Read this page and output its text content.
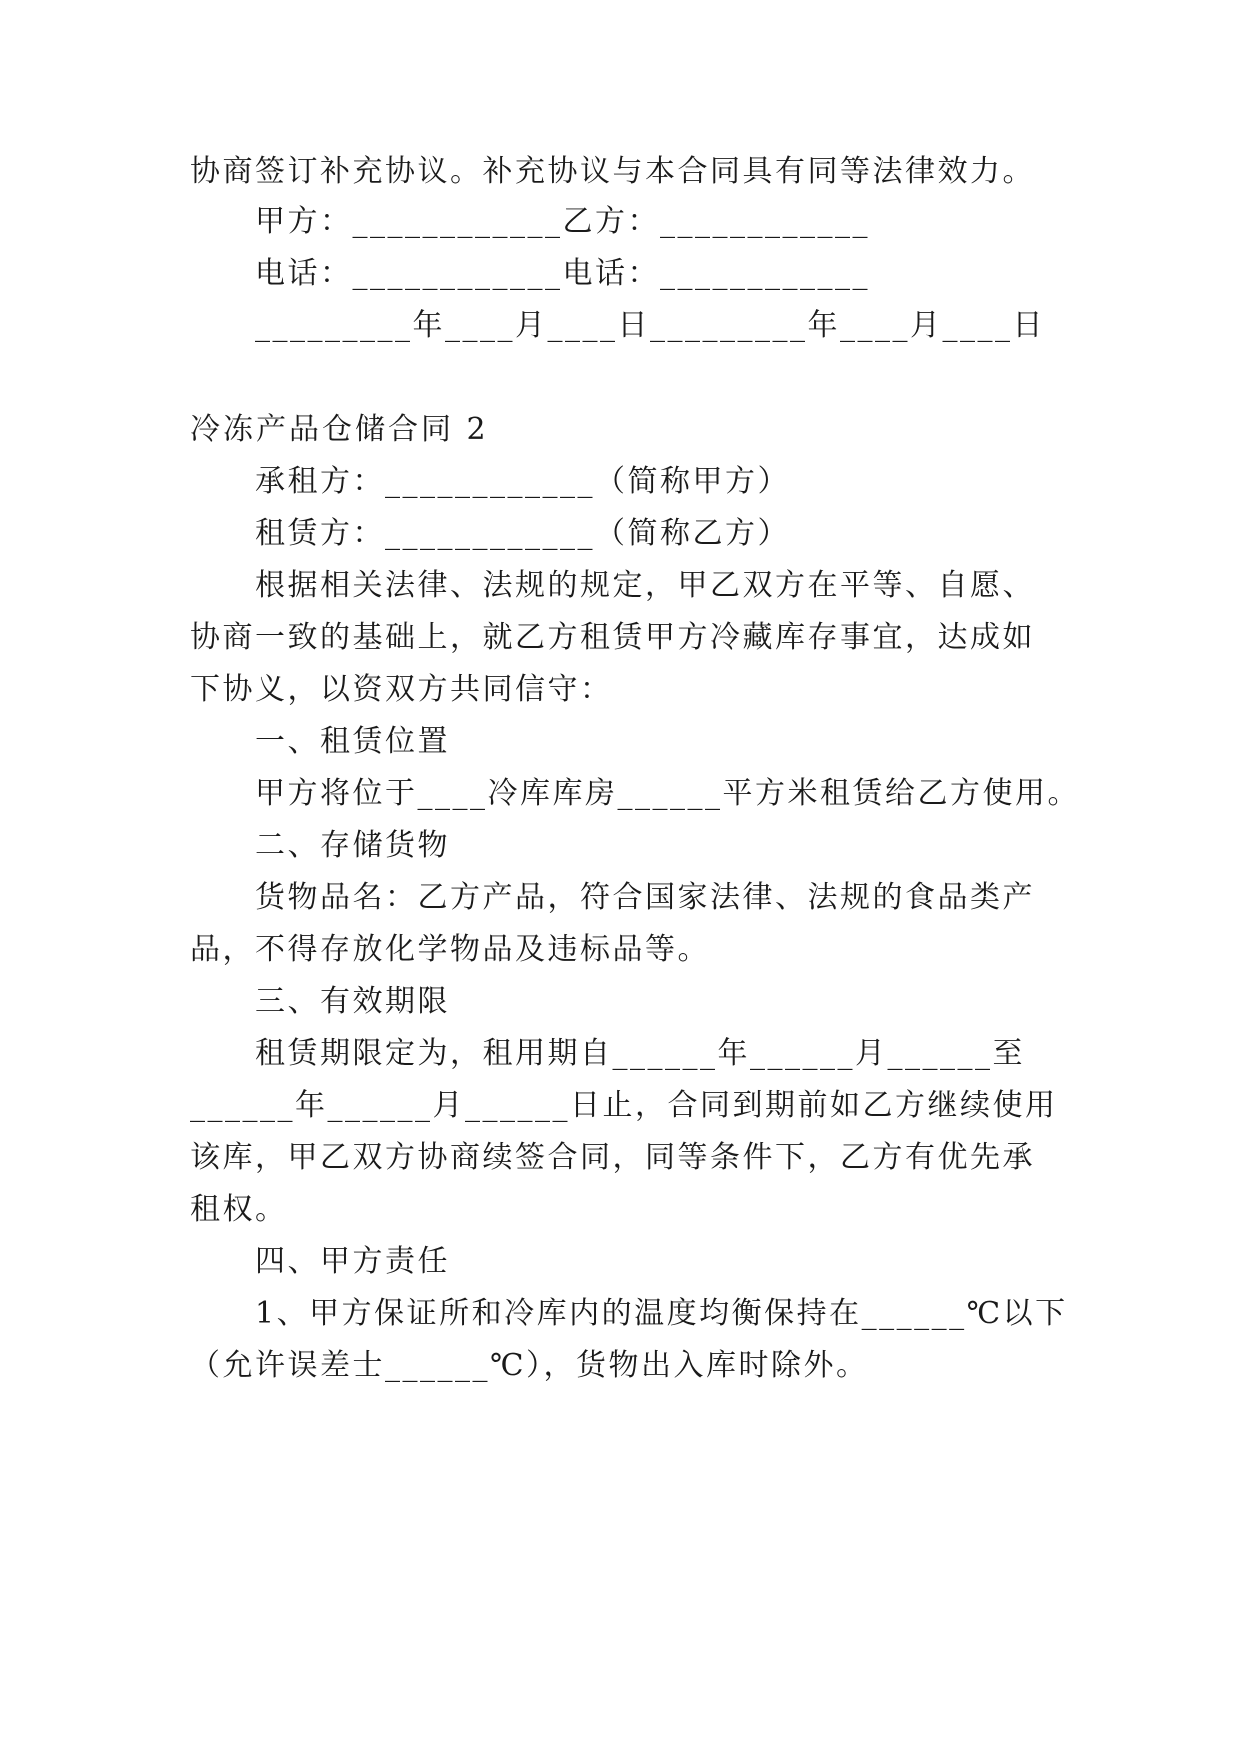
协商签订补充协议。补充协议与本合同具有同等法律效力。
甲方：____________乙方：____________
电话：____________电话：____________
_________年____月____日_________年____月____日
冷冻产品仓储合同 2
承租方：____________（简称甲方）
租赁方：____________（简称乙方）
根据相关法律、法规的规定，甲乙双方在平等、自愿、
协商一致的基础上，就乙方租赁甲方冷藏库存事宜，达成如
下协义，以资双方共同信守：
一、租赁位置
甲方将位于____冷库库房______平方米租赁给乙方使用。
二、存储货物
货物品名：乙方产品，符合国家法律、法规的食品类产
品，不得存放化学物品及违标品等。
三、有效期限
租赁期限定为，租用期自______年______月______至
______年______月______日止，合同到期前如乙方继续使用
该库，甲乙双方协商续签合同，同等条件下，乙方有优先承
租权。
四、甲方责任
1、甲方保证所和冷库内的温度均衡保持在______℃以下
（允许误差士______℃），货物出入库时除外。
